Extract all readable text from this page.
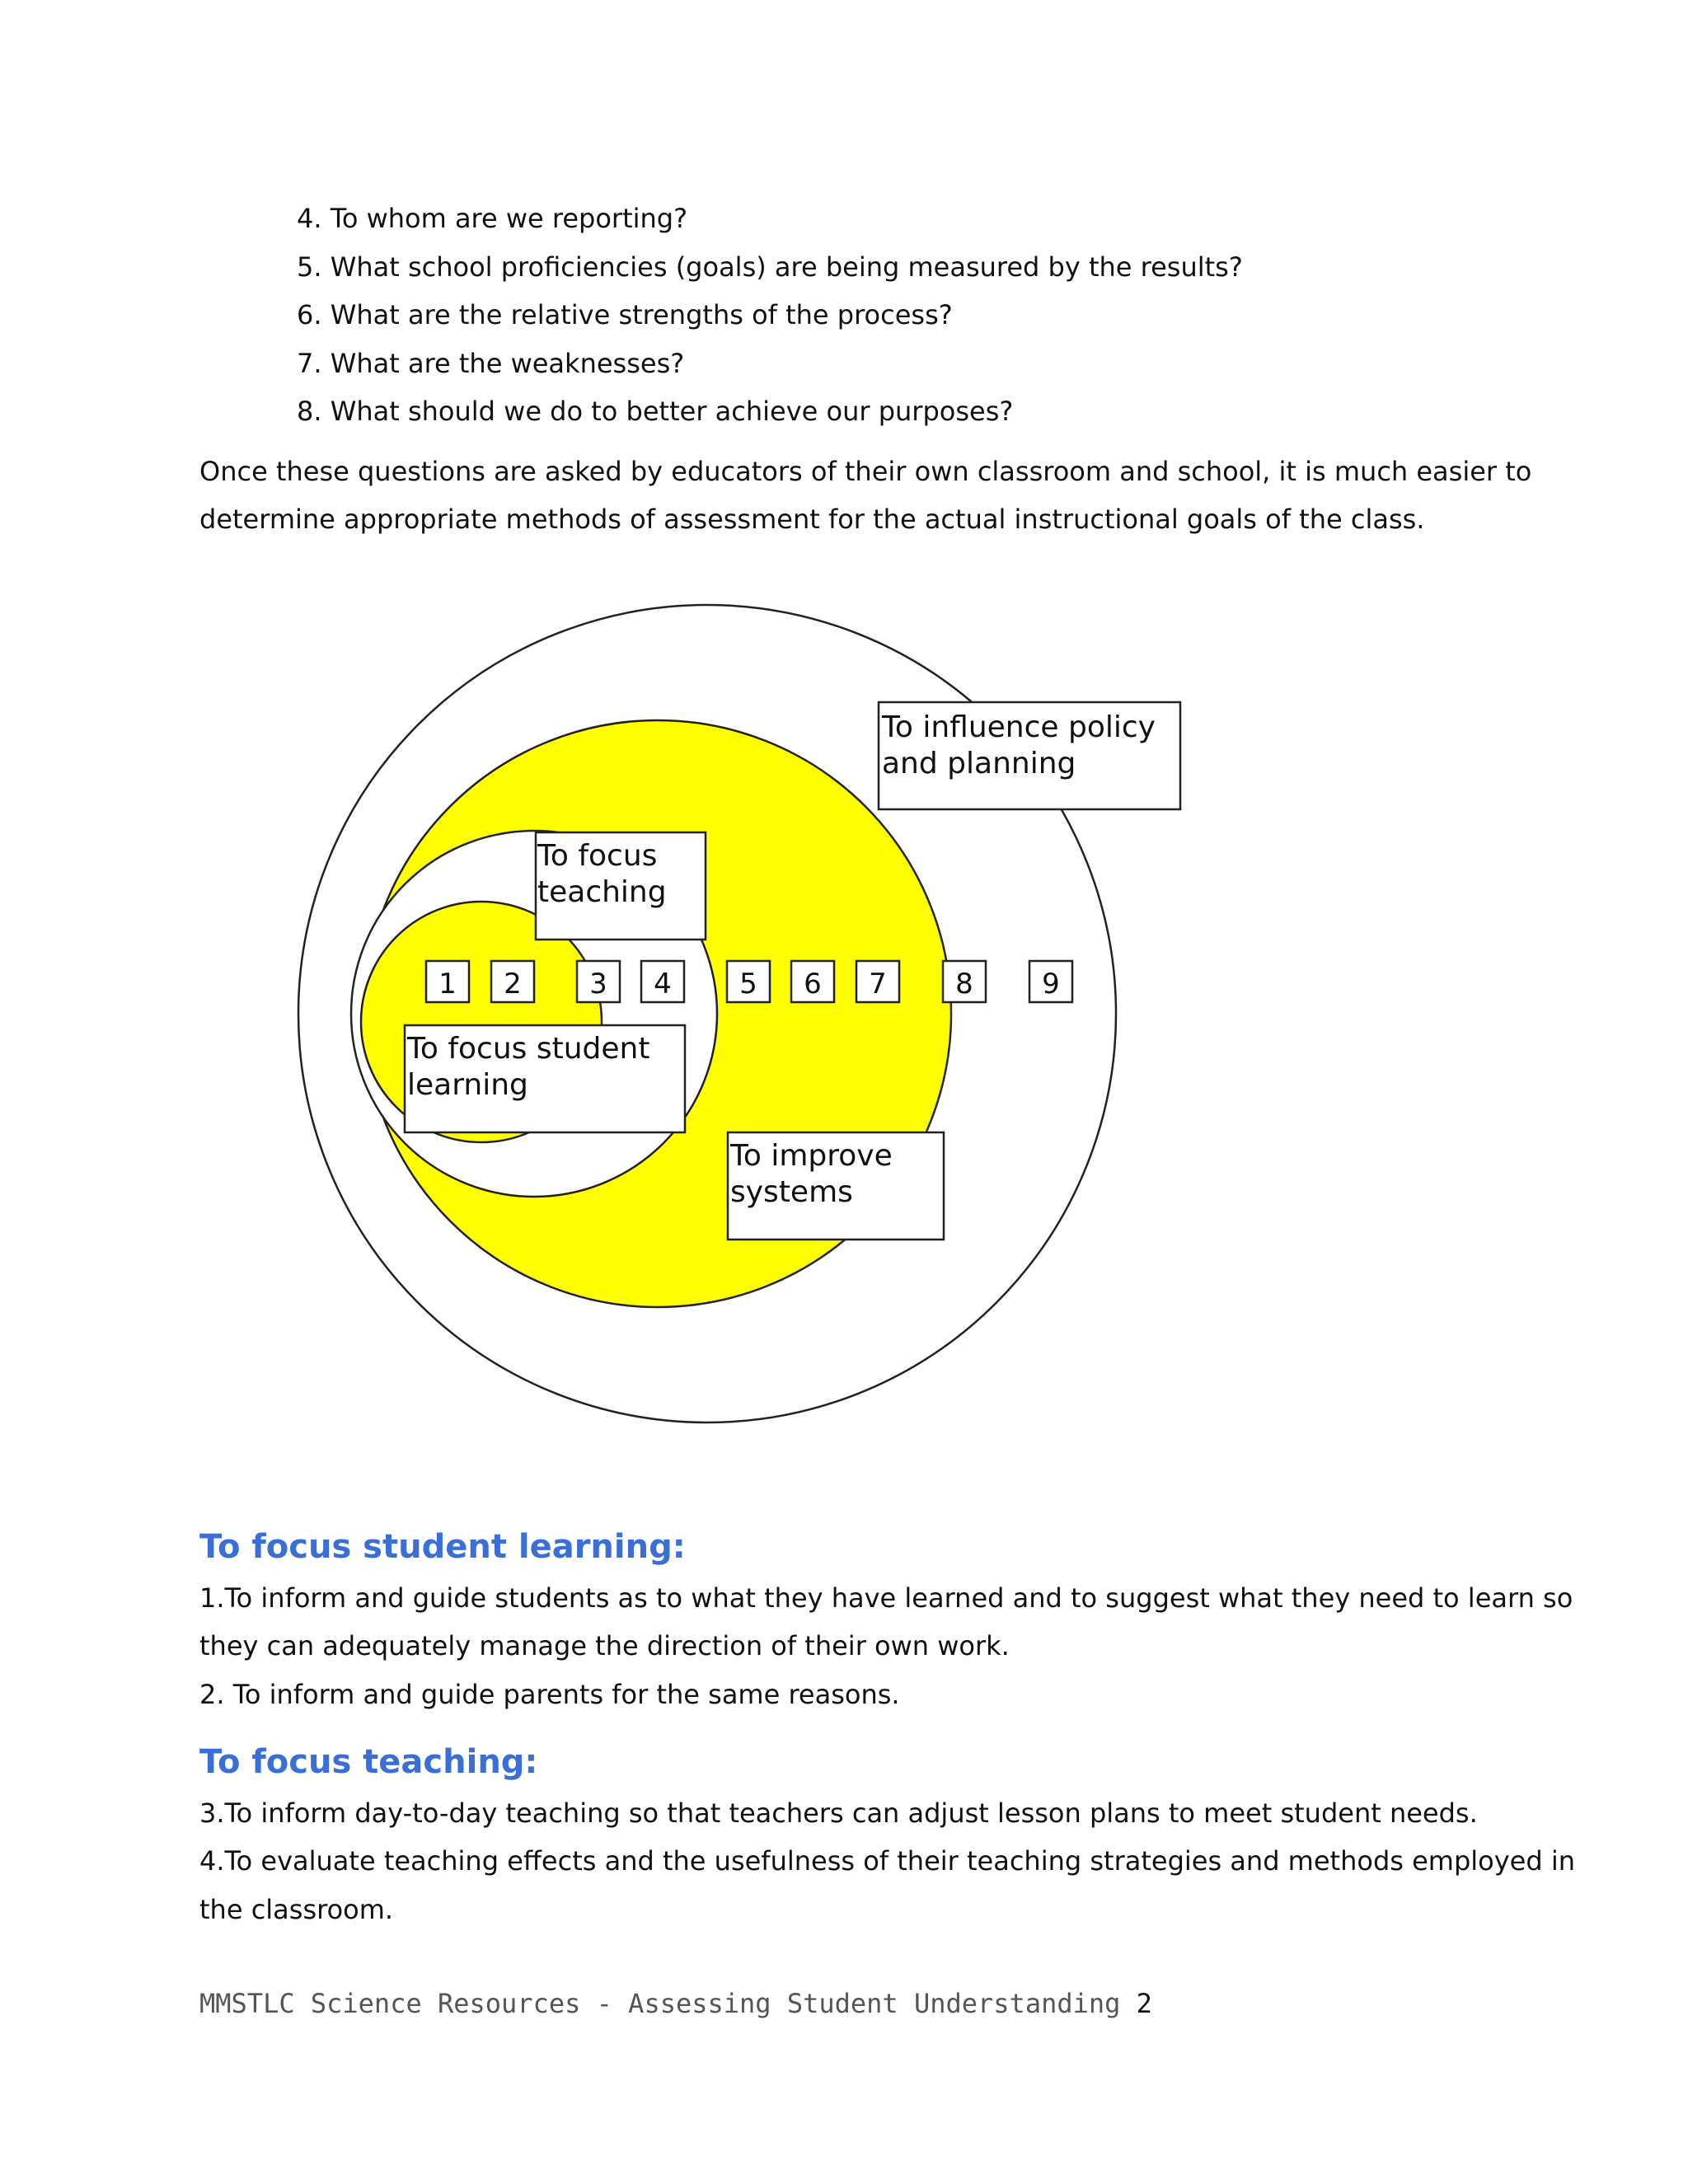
4. To whom are we reporting?
5. What school proficiencies (goals) are being measured by the results?
6. What are the relative strengths of the process?
7. What are the weaknesses?
8. What should we do to better achieve our purposes?

Once these questions are asked by educators of their own classroom and school, it is much easier to

determine appropriate methods of assessment for the actual instructional goals of the class.

To influence policy
and planning
To focus
teaching
To focus student
learning
To improve
systems
1 2 3 4 5 6 7 8 9
To focus student learning:

1.To inform and guide students as to what they have learned and to suggest what they need to learn so

they can adequately manage the direction of their own work.

2. To inform and guide parents for the same reasons.

To focus teaching:

3.To inform day-to-day teaching so that teachers can adjust lesson plans to meet student needs.

4.To evaluate teaching effects and the usefulness of their teaching strategies and methods employed in

the classroom.

MMSTLC Science Resources - Assessing Student Understanding 2
